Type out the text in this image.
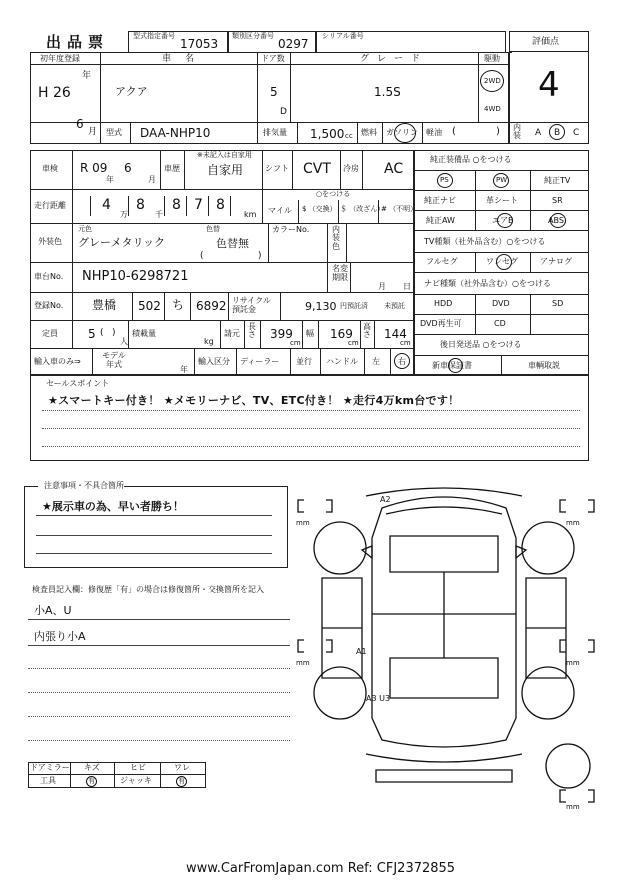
出品票	型式指定番号
17053
類別区分番号
0297
シリアル番号
評価点
4
初年度登録
H 26
年
6
月
車名
アクア
ドア数
5
D
グレード
1.5S
駆動
2WD
4WD
型式 DAA-NHP10	排気量 1,500 cc 燃料 ガソリン 軽油 (	) 内装 A B C
車検 R 09
年
6
月
車歴
※未記入は自家用
自家用	シフト CVT 冷房 AC
走行距離	4
万
8
千
8 7 8
km
○をつける
マイル $ （交換） ＄ （改ざん）
# （不明）
外装色
元色
グレーメタリック
色替
色替無
(	)
カラーNo.	内装色
車台No. NHP10-6298721
名変期限
月 日
登録No. 豊橋 502 ち 6892 リサイクル預託金	9,130 円預託済 未預託
定員	5 ( )
人
積載量
kg
請元
長さ 399
cm
幅 169
cm
高さ 144
cm
輸入車のみ⇒
モデル年式
年
輸入区分 ディーラー 並行 ハンドル 左 右
純正装備品 ○をつける
PS	PW	純正TV
純正ナビ	革シート	SR
純正AW	エアB	ABS
TV種類（社外品含む）○をつける
フルセグ	ワンセグ	アナログ
ナビ種類（社外品含む）○をつける
HDD	DVD	SD
DVD再生可	CD
後日発送品 ○をつける
新車保証書	車輌取説
セールスポイント
★スマートキー付き！ ★メモリーナビ、TV、ETC付き！ ★走行4万km台です！
注意事項・不具合箇所
★展示車の為、早い者勝ち！
検査員記入欄：修復歴「有」の場合は修復箇所・交換箇所を記入
小A、U
内張り小A
ドアミラー キズ	ヒビ	ワレ
工具	有	ジャッキ	有
A2
A1
A3 U3
mm	mm
mm	mm
mm
www.CarFromJapan.com Ref: CFJ2372855
